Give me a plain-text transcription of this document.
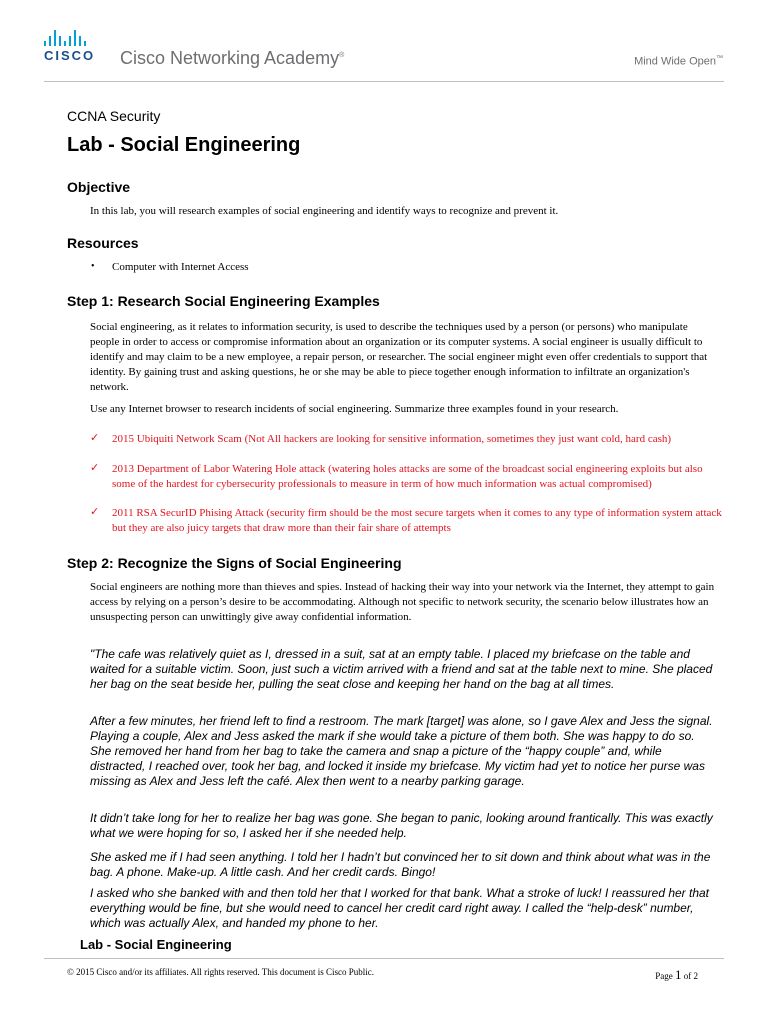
CISCO Cisco Networking Academy®
Mind Wide Open™
CCNA Security
Lab - Social Engineering
Objective
In this lab, you will research examples of social engineering and identify ways to recognize and prevent it.
Resources
• Computer with Internet Access
Step 1: Research Social Engineering Examples
Social engineering, as it relates to information security, is used to describe the techniques used by a person (or persons) who manipulate people in order to access or compromise information about an organization or its computer systems. A social engineer is usually difficult to identify and may claim to be a new employee, a repair person, or researcher. The social engineer might even offer credentials to support that identity. By gaining trust and asking questions, he or she may be able to piece together enough information to infiltrate an organization's network.
Use any Internet browser to research incidents of social engineering. Summarize three examples found in your research.
✓ 2015 Ubiquiti Network Scam (Not All hackers are looking for sensitive information, sometimes they just want cold, hard cash)
✓ 2013 Department of Labor Watering Hole attack (watering holes attacks are some of the broadcast social engineering exploits but also some of the hardest for cybersecurity professionals to measure in term of how much information was actual compromised)
✓ 2011 RSA SecurID Phising Attack (security firm should be the most secure targets when it comes to any type of information system attack but they are also juicy targets that draw more than their fair share of attempts
Step 2: Recognize the Signs of Social Engineering
Social engineers are nothing more than thieves and spies. Instead of hacking their way into your network via the Internet, they attempt to gain access by relying on a person’s desire to be accommodating. Although not specific to network security, the scenario below illustrates how an unsuspecting person can unwittingly give away confidential information.
"The cafe was relatively quiet as I, dressed in a suit, sat at an empty table. I placed my briefcase on the table and waited for a suitable victim. Soon, just such a victim arrived with a friend and sat at the table next to mine. She placed her bag on the seat beside her, pulling the seat close and keeping her hand on the bag at all times.
After a few minutes, her friend left to find a restroom. The mark [target] was alone, so I gave Alex and Jess the signal. Playing a couple, Alex and Jess asked the mark if she would take a picture of them both. She was happy to do so. She removed her hand from her bag to take the camera and snap a picture of the “happy couple” and, while distracted, I reached over, took her bag, and locked it inside my briefcase. My victim had yet to notice her purse was missing as Alex and Jess left the café. Alex then went to a nearby parking garage.
It didn’t take long for her to realize her bag was gone. She began to panic, looking around frantically. This was exactly what we were hoping for so, I asked her if she needed help.
She asked me if I had seen anything. I told her I hadn’t but convinced her to sit down and think about what was in the bag. A phone. Make-up. A little cash. And her credit cards. Bingo!
I asked who she banked with and then told her that I worked for that bank. What a stroke of luck! I reassured her that everything would be fine, but she would need to cancel her credit card right away. I called the “help-desk” number, which was actually Alex, and handed my phone to her.
Lab - Social Engineering
© 2015 Cisco and/or its affiliates. All rights reserved. This document is Cisco Public.	Page 1 of 2
